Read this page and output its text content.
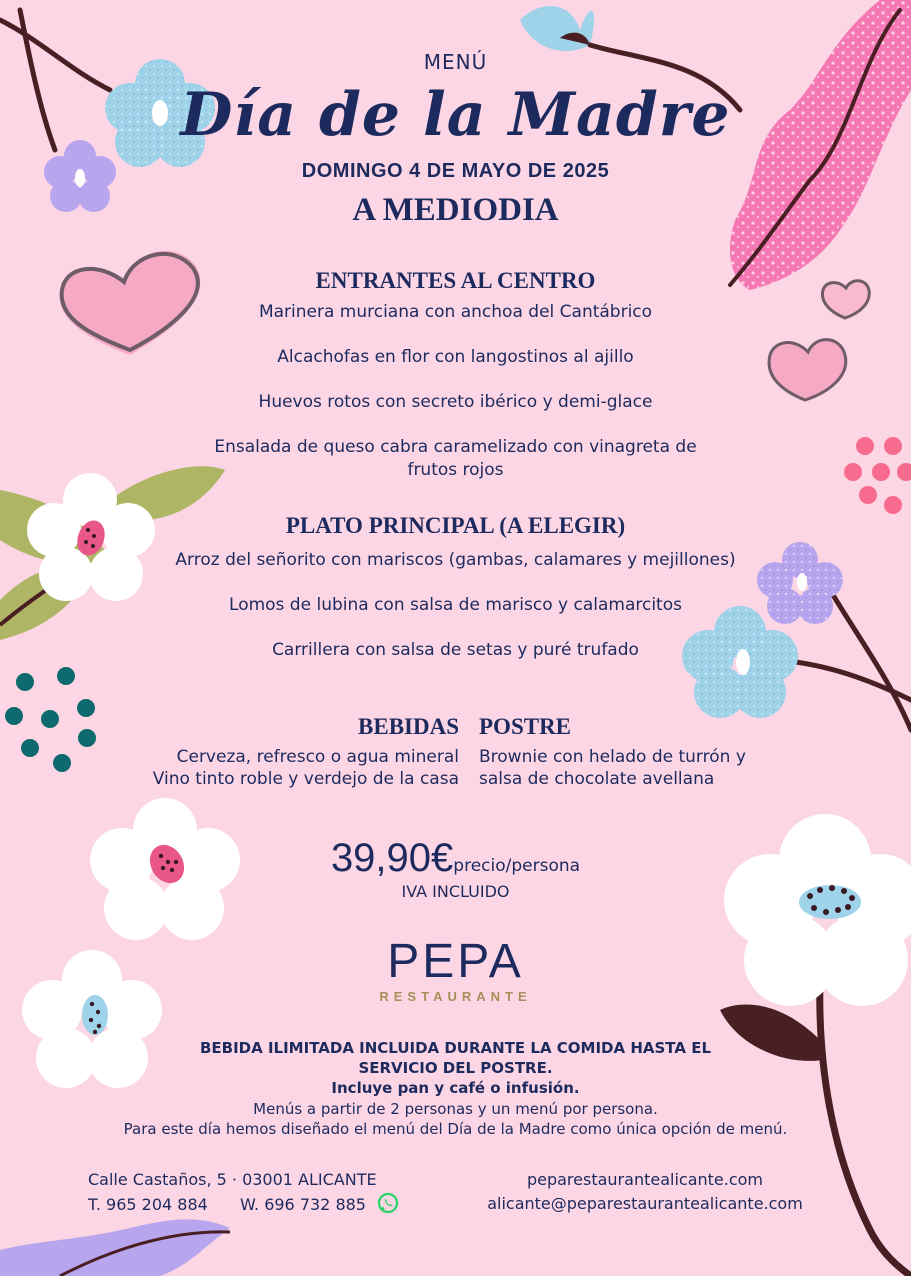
MENÚ

Día de la Madre

DOMINGO 4 DE MAYO DE 2025

A MEDIODIA

ENTRANTES AL CENTRO

Marinera murciana con anchoa del Cantábrico

Alcachofas en flor con langostinos al ajillo

Huevos rotos con secreto ibérico y demi-glace

Ensalada de queso cabra caramelizado con vinagreta de

frutos rojos

PLATO PRINCIPAL (A ELEGIR)

Arroz del señorito con mariscos (gambas, calamares y mejillones)

Lomos de lubina con salsa de marisco y calamarcitos

Carrillera con salsa de setas y puré trufado

BEBIDAS POSTRE

Cerveza, refresco o agua mineral
Vino tinto roble y verdejo de la casa
Brownie con helado de turrón y
salsa de chocolate avellana

39,90€precio/persona

IVA INCLUIDO

PEPA

RESTAURANTE

BEBIDA ILIMITADA INCLUIDA DURANTE LA COMIDA HASTA EL

SERVICIO DEL POSTRE.

Incluye pan y café o infusión.

Menús a partir de 2 personas y un menú por persona.

Para este día hemos diseñado el menú del Día de la Madre como única opción de menú.

Calle Castaños, 5 · 03001 ALICANTE
T. 965 204 884 W. 696 732 885
peparestaurantealicante.com
alicante@peparestaurantealicante.com
